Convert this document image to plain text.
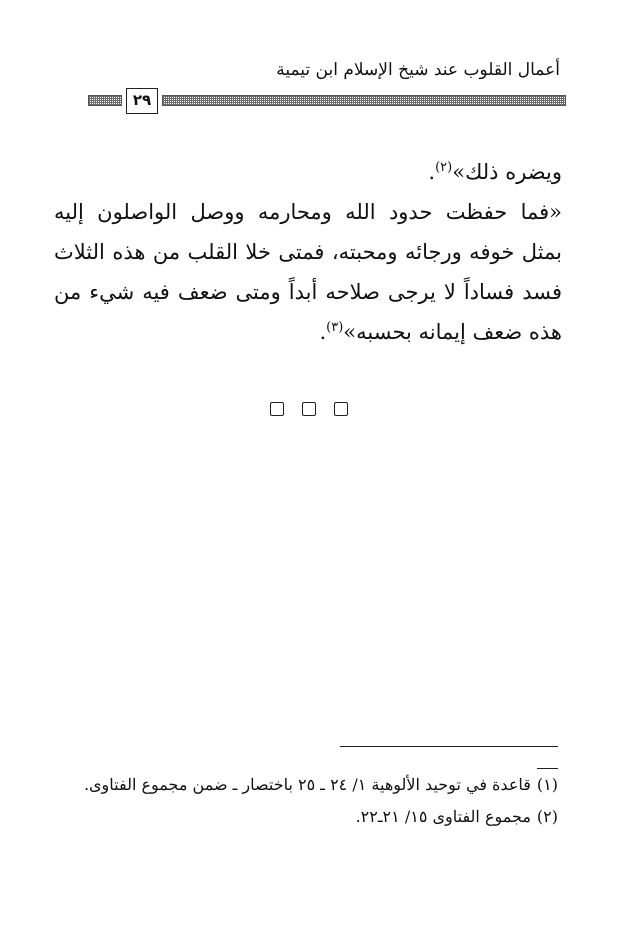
أعمال القلوب عند شيخ الإسلام ابن تيمية
٢٩

ويضره ذلك»$^{(٢)}$.

«فما حفظت حدود الله ومحارمه ووصل الواصلون إليه بمثل خوفه ورجائه ومحبته، فمتى خلا القلب من هذه الثلاث فسد فساداً لا يرجى صلاحه أبداً ومتى ضعف فيه شيء من هذه ضعف إيمانه بحسبه»$^{(٣)}$.

(١)قاعدة في توحيد الألوهية ١/ ٢٤ ـ ٢٥ باختصار ـ ضمن مجموع الفتاوى.
(٢)مجموع الفتاوى ١٥/ ٢١ـ٢٢.
